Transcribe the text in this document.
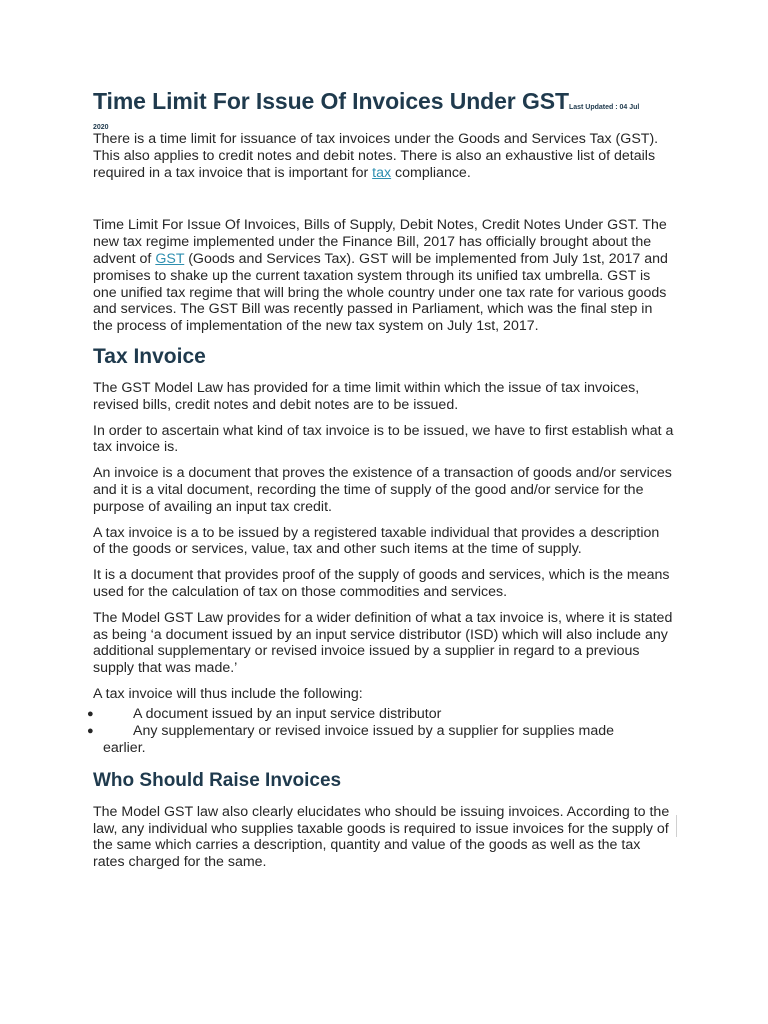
Time Limit For Issue Of Invoices Under GSTLast Updated : 04 Jul
2020

There is a time limit for issuance of tax invoices under the Goods and Services Tax (GST). This also applies to credit notes and debit notes. There is also an exhaustive list of details required in a tax invoice that is important for tax compliance.

Time Limit For Issue Of Invoices, Bills of Supply, Debit Notes, Credit Notes Under GST. The new tax regime implemented under the Finance Bill, 2017 has officially brought about the advent of GST (Goods and Services Tax). GST will be implemented from July 1st, 2017 and promises to shake up the current taxation system through its unified tax umbrella. GST is one unified tax regime that will bring the whole country under one tax rate for various goods and services. The GST Bill was recently passed in Parliament, which was the final step in the process of implementation of the new tax system on July 1st, 2017.

Tax Invoice

The GST Model Law has provided for a time limit within which the issue of tax invoices, revised bills, credit notes and debit notes are to be issued.

In order to ascertain what kind of tax invoice is to be issued, we have to first establish what a tax invoice is.

An invoice is a document that proves the existence of a transaction of goods and/or services and it is a vital document, recording the time of supply of the good and/or service for the purpose of availing an input tax credit.

A tax invoice is a to be issued by a registered taxable individual that provides a description of the goods or services, value, tax and other such items at the time of supply.

It is a document that provides proof of the supply of goods and services, which is the means used for the calculation of tax on those commodities and services.

The Model GST Law provides for a wider definition of what a tax invoice is, where it is stated as being ‘a document issued by an input service distributor (ISD) which will also include any additional supplementary or revised invoice issued by a supplier in regard to a previous supply that was made.’

A tax invoice will thus include the following:

●	A document issued by an input service distributor
●	Any supplementary or revised invoice issued by a supplier for supplies made
earlier.
Who Should Raise Invoices

The Model GST law also clearly elucidates who should be issuing invoices. According to the law, any individual who supplies taxable goods is required to issue invoices for the supply of the same which carries a description, quantity and value of the goods as well as the tax rates charged for the same.
